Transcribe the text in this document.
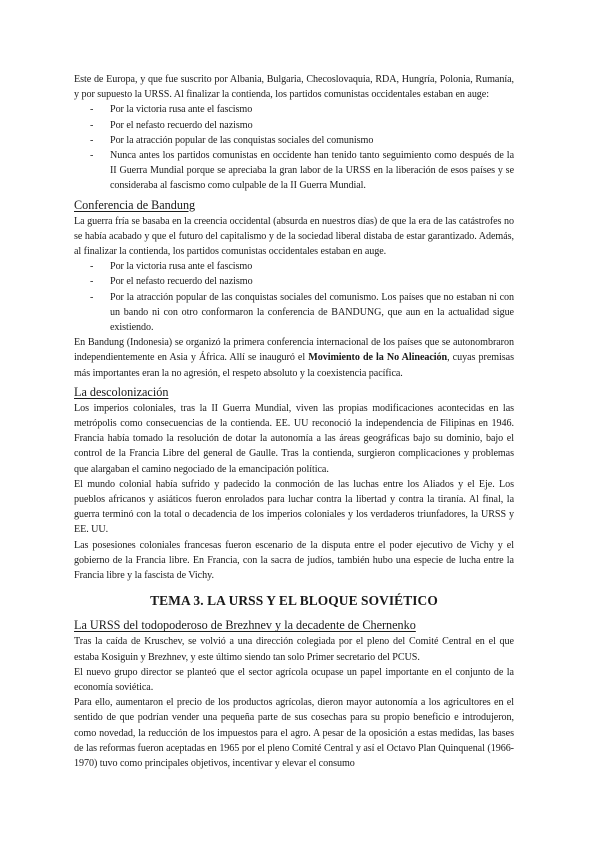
Este de Europa, y que fue suscrito por Albania, Bulgaria, Checoslovaquia, RDA, Hungría, Polonia, Rumanía, y por supuesto la URSS. Al finalizar la contienda, los partidos comunistas occidentales estaban en auge:

- Por la victoria rusa ante el fascismo
- Por el nefasto recuerdo del nazismo
- Por la atracción popular de las conquistas sociales del comunismo
- Nunca antes los partidos comunistas en occidente han tenido tanto seguimiento como después de la II Guerra Mundial porque se apreciaba la gran labor de la URSS en la liberación de esos países y se consideraba al fascismo como culpable de la II Guerra Mundial.
Conferencia de Bandung

La guerra fría se basaba en la creencia occidental (absurda en nuestros días) de que la era de las catástrofes no se había acabado y que el futuro del capitalismo y de la sociedad liberal distaba de estar garantizado. Además, al finalizar la contienda, los partidos comunistas occidentales estaban en auge.

- Por la victoria rusa ante el fascismo
- Por el nefasto recuerdo del nazismo
- Por la atracción popular de las conquistas sociales del comunismo. Los países que no estaban ni con un bando ni con otro conformaron la conferencia de BANDUNG, que aun en la actualidad sigue existiendo.

En Bandung (Indonesia) se organizó la primera conferencia internacional de los países que se autonombraron independientemente en Asia y África. Allí se inauguró el Movimiento de la No Alineación, cuyas premisas más importantes eran la no agresión, el respeto absoluto y la coexistencia pacífica.

La descolonización

Los imperios coloniales, tras la II Guerra Mundial, viven las propias modificaciones acontecidas en las metrópolis como consecuencias de la contienda. EE. UU reconoció la independencia de Filipinas en 1946. Francia había tomado la resolución de dotar la autonomía a las áreas geográficas bajo su dominio, bajo el control de la Francia Libre del general de Gaulle. Tras la contienda, surgieron complicaciones y problemas que alargaban el camino negociado de la emancipación política.

El mundo colonial había sufrido y padecido la conmoción de las luchas entre los Aliados y el Eje. Los pueblos africanos y asiáticos fueron enrolados para luchar contra la libertad y contra la tiranía. Al final, la guerra terminó con la total o decadencia de los imperios coloniales y los verdaderos triunfadores, la URSS y EE. UU.

Las posesiones coloniales francesas fueron escenario de la disputa entre el poder ejecutivo de Vichy y el gobierno de la Francia libre. En Francia, con la sacra de judíos, también hubo una especie de lucha entre la Francia libre y la fascista de Vichy.

TEMA 3. LA URSS Y EL BLOQUE SOVIÉTICO
La URSS del todopoderoso de Brezhnev y la decadente de Chernenko

Tras la caída de Kruschev, se volvió a una dirección colegiada por el pleno del Comité Central en el que estaba Kosiguin y Brezhnev, y este último siendo tan solo Primer secretario del PCUS.

El nuevo grupo director se planteó que el sector agrícola ocupase un papel importante en el conjunto de la economía soviética.

Para ello, aumentaron el precio de los productos agrícolas, dieron mayor autonomía a los agricultores en el sentido de que podrían vender una pequeña parte de sus cosechas para su propio beneficio e introdujeron, como novedad, la reducción de los impuestos para el agro. A pesar de la oposición a estas medidas, las bases de las reformas fueron aceptadas en 1965 por el pleno Comité Central y así el Octavo Plan Quinquenal (1966-1970) tuvo como principales objetivos, incentivar y elevar el consumo
